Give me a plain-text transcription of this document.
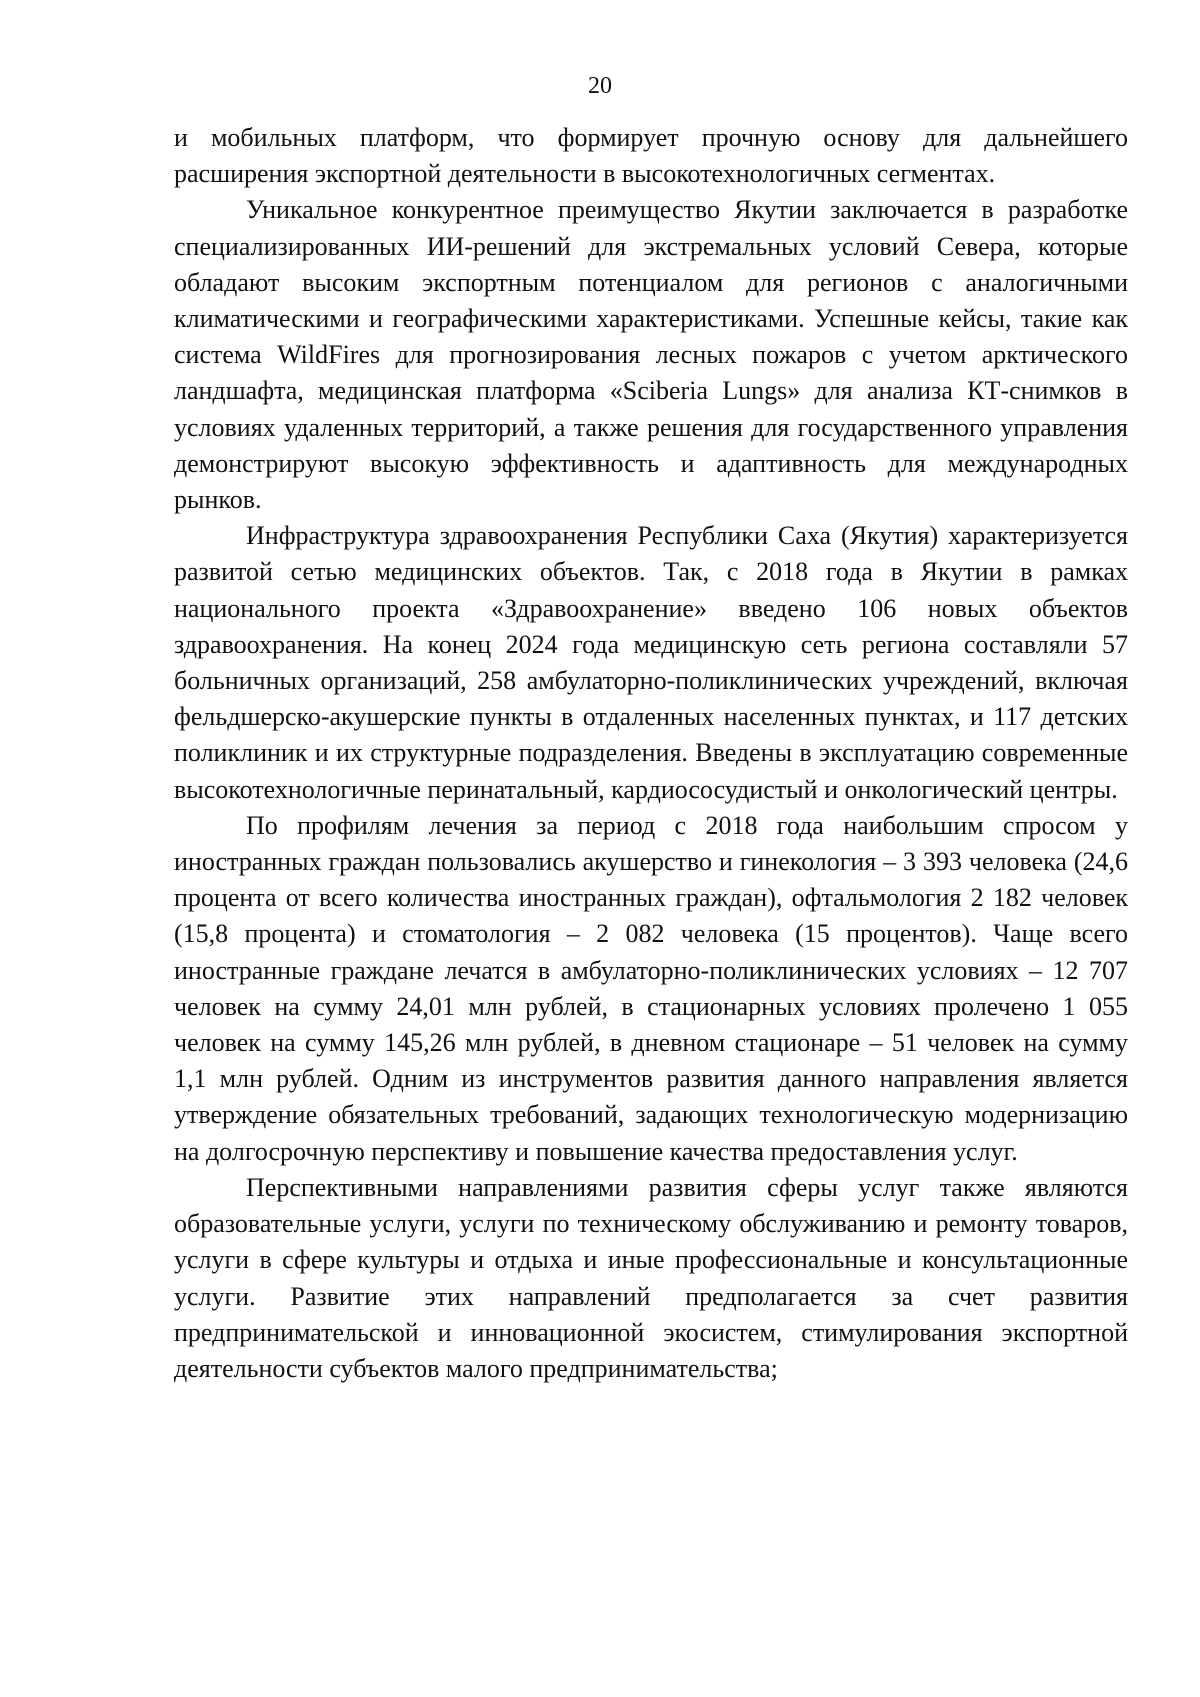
20

и мобильных платформ, что формирует прочную основу для дальнейшего расширения экспортной деятельности в высокотехнологичных сегментах.

Уникальное конкурентное преимущество Якутии заключается в разработке специализированных ИИ-решений для экстремальных условий Севера, которые обладают высоким экспортным потенциалом для регионов с аналогичными климатическими и географическими характеристиками. Успешные кейсы, такие как система WildFires для прогнозирования лесных пожаров с учетом арктического ландшафта, медицинская платформа «Sciberia Lungs» для анализа КТ-снимков в условиях удаленных территорий, а также решения для государственного управления демонстрируют высокую эффективность и адаптивность для международных рынков.

Инфраструктура здравоохранения Республики Саха (Якутия) характеризуется развитой сетью медицинских объектов. Так, с 2018 года в Якутии в рамках национального проекта «Здравоохранение» введено 106 новых объектов здравоохранения. На конец 2024 года медицинскую сеть региона составляли 57 больничных организаций, 258 амбулаторно-поликлинических учреждений, включая фельдшерско-акушерские пункты в отдаленных населенных пунктах, и 117 детских поликлиник и их структурные подразделения. Введены в эксплуатацию современные высокотехнологичные перинатальный, кардиососудистый и онкологический центры.

По профилям лечения за период с 2018 года наибольшим спросом у иностранных граждан пользовались акушерство и гинекология – 3 393 человека (24,6 процента от всего количества иностранных граждан), офтальмология 2 182 человек (15,8 процента) и стоматология – 2 082 человека (15 процентов). Чаще всего иностранные граждане лечатся в амбулаторно-поликлинических условиях – 12 707 человек на сумму 24,01 млн рублей, в стационарных условиях пролечено 1 055 человек на сумму 145,26 млн рублей, в дневном стационаре – 51 человек на сумму 1,1 млн рублей. Одним из инструментов развития данного направления является утверждение обязательных требований, задающих технологическую модернизацию на долгосрочную перспективу и повышение качества предоставления услуг.

Перспективными направлениями развития сферы услуг также являются образовательные услуги, услуги по техническому обслуживанию и ремонту товаров, услуги в сфере культуры и отдыха и иные профессиональные и консультационные услуги. Развитие этих направлений предполагается за счет развития предпринимательской и инновационной экосистем, стимулирования экспортной деятельности субъектов малого предпринимательства;
